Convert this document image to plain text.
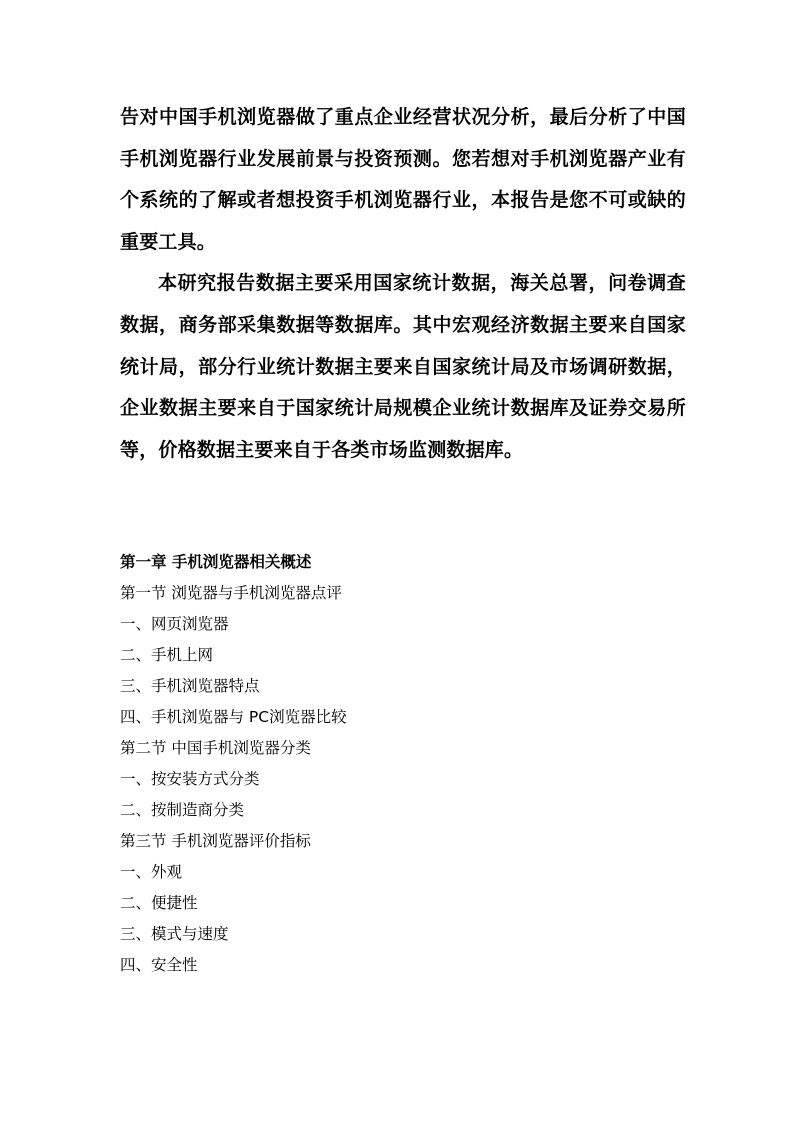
告对中国手机浏览器做了重点企业经营状况分析，最后分析了中国手机浏览器行业发展前景与投资预测。您若想对手机浏览器产业有个系统的了解或者想投资手机浏览器行业，本报告是您不可或缺的重要工具。

本研究报告数据主要采用国家统计数据，海关总署，问卷调查数据，商务部采集数据等数据库。其中宏观经济数据主要来自国家统计局，部分行业统计数据主要来自国家统计局及市场调研数据，企业数据主要来自于国家统计局规模企业统计数据库及证券交易所等，价格数据主要来自于各类市场监测数据库。

第一章 手机浏览器相关概述
第一节 浏览器与手机浏览器点评
一、网页浏览器
二、手机上网
三、手机浏览器特点
四、手机浏览器与 PC浏览器比较
第二节 中国手机浏览器分类
一、按安装方式分类
二、按制造商分类
第三节 手机浏览器评价指标
一、外观
二、便捷性
三、模式与速度
四、安全性
